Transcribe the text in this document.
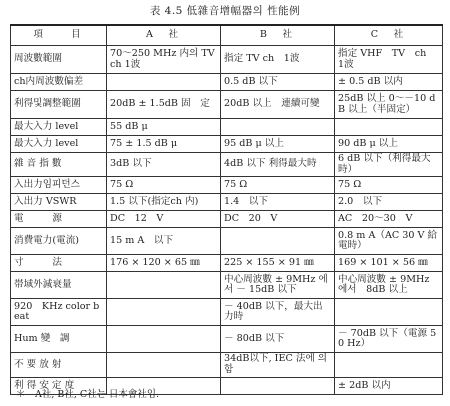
表 4.5 低雜音增幅器의 性能例
項　　目	A　社	B　社	C　社
周波數範圍	70～250 MHz 内의 TV ch 1波	指定 TV ch　1波	指定 VHF　TV　ch　1波
ch内周波數偏差		0.5 dB 以下	± 0.5 dB 以内
利得및調整範圍	20dB ± 1.5dB 固　定	20dB 以上　連續可變	25dB 以上 0～－10 dB 以上（半固定）
最大入力 level	55 dB μ		
最大入力 level	75 ± 1.5 dB μ	95 dB μ 以上	90 dB μ 以上
雜 音 指 數	3dB 以下	4dB 以下 利得最大時	6 dB 以下（利得最大時）
入出力임피던스	75 Ω	75 Ω	75 Ω
入出力 VSWR	1.5 以下(指定ch 内)	1.4　以下	2.0　以下
電　　　源	DC　12　V	DC　20　V	AC　20～30　V
消費電力(電流)	15 m A　以下		0.8 m A（AC 30 V 給電時）
寸　　　法	176 × 120 × 65 ㎜	225 × 155 × 91 ㎜	169 × 101 × 56 ㎜
帯域外減衰量		中心周波數 ± 9MHz 에서 － 15dB 以下	中心周波數 ± 9MHz 에서　8dB 以上
920　KHz color beat		－ 40dB 以下，最大出力時	
Hum 變　調		－ 80dB 以下	－ 70dB 以下（電源 50 Hz）
不 要 放 射		34dB以下, IEC 法에 의함	
利 得 安 定 度			± 2dB 以内
＊　A社, B社, C社는 日本會社임.
